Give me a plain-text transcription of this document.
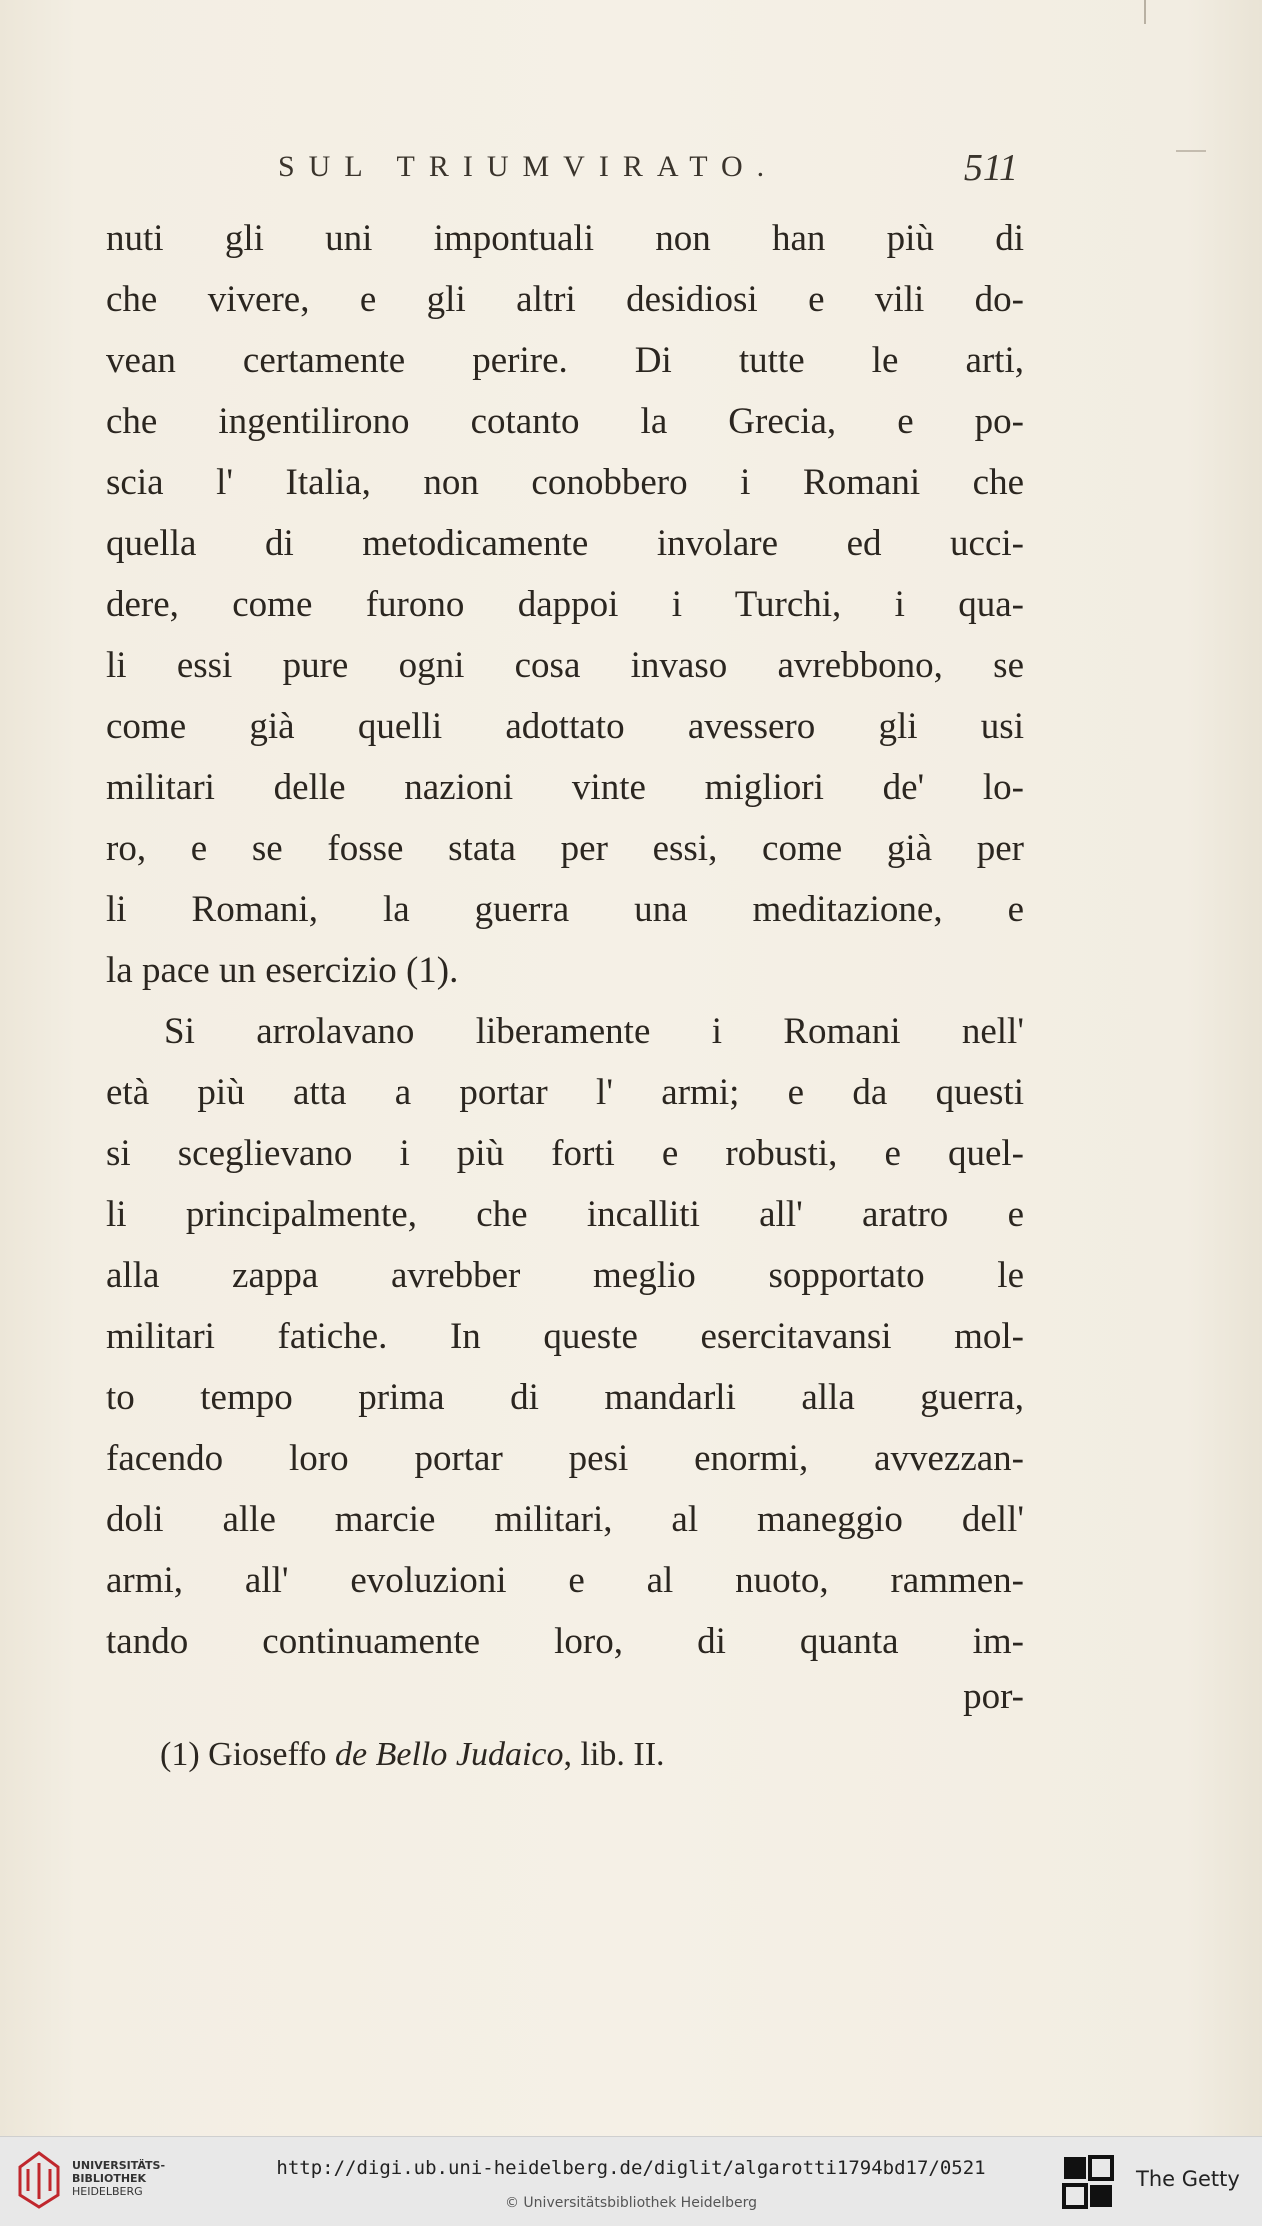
SUL TRIUMVIRATO.	511
nuti gli uni impontuali non han più di
che vivere, e gli altri desidiosi e vili do-
vean certamente perire. Di tutte le arti,
che ingentilirono cotanto la Grecia, e po-
scia l' Italia, non conobbero i Romani che
quella di metodicamente involare ed ucci-
dere, come furono dappoi i Turchi, i qua-
li essi pure ogni cosa invaso avrebbono, se
come già quelli adottato avessero gli usi
militari delle nazioni vinte migliori de' lo-
ro, e se fosse stata per essi, come già per
li Romani, la guerra una meditazione, e
la pace un esercizio (1).
Si arrolavano liberamente i Romani nell'
età più atta a portar l' armi; e da questi
si sceglievano i più forti e robusti, e quel-
li principalmente, che incalliti all' aratro e
alla zappa avrebber meglio sopportato le
militari fatiche. In queste esercitavansi mol-
to tempo prima di mandarli alla guerra,
facendo loro portar pesi enormi, avvezzan-
doli alle marcie militari, al maneggio dell'
armi, all' evoluzioni e al nuoto, rammen-
tando continuamente loro, di quanta im-
por-
(1) Gioseffo de Bello Judaico, lib. II.
UNIVERSITÄTS-
BIBLIOTHEK
HEIDELBERG
http://digi.ub.uni-heidelberg.de/diglit/algarotti1794bd17/0521
© Universitätsbibliothek Heidelberg
The Getty
